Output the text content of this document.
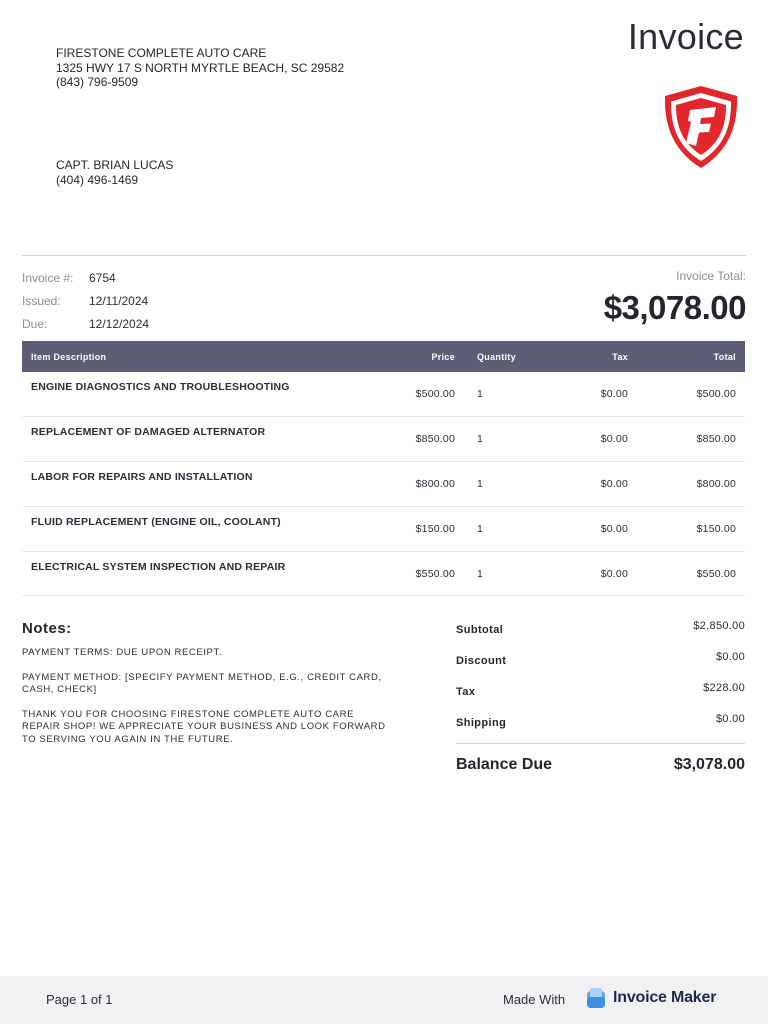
FIRESTONE COMPLETE AUTO CARE
1325 HWY 17 S NORTH MYRTLE BEACH, SC 29582
(843) 796-9509
CAPT. BRIAN LUCAS
(404) 496-1469
Invoice
Invoice #:	6754
Issued:	12/11/2024
Due:	12/12/2024
Invoice Total:
$3,078.00
Item Description	Price	Quantity	Tax	Total
ENGINE DIAGNOSTICS AND TROUBLESHOOTING	$500.00	1	$0.00	$500.00
REPLACEMENT OF DAMAGED ALTERNATOR	$850.00	1	$0.00	$850.00
LABOR FOR REPAIRS AND INSTALLATION	$800.00	1	$0.00	$800.00
FLUID REPLACEMENT (ENGINE OIL, COOLANT)	$150.00	1	$0.00	$150.00
ELECTRICAL SYSTEM INSPECTION AND REPAIR	$550.00	1	$0.00	$550.00
Notes:

PAYMENT TERMS: DUE UPON RECEIPT.

PAYMENT METHOD: [SPECIFY PAYMENT METHOD, E.G., CREDIT CARD, CASH, CHECK]

THANK YOU FOR CHOOSING FIRESTONE COMPLETE AUTO CARE REPAIR SHOP! WE APPRECIATE YOUR BUSINESS AND LOOK FORWARD TO SERVING YOU AGAIN IN THE FUTURE.

Subtotal	$2,850.00
Discount	$0.00
Tax	$228.00
Shipping	$0.00
Balance Due	$3,078.00
Page 1 of 1	Made With	Invoice Maker
